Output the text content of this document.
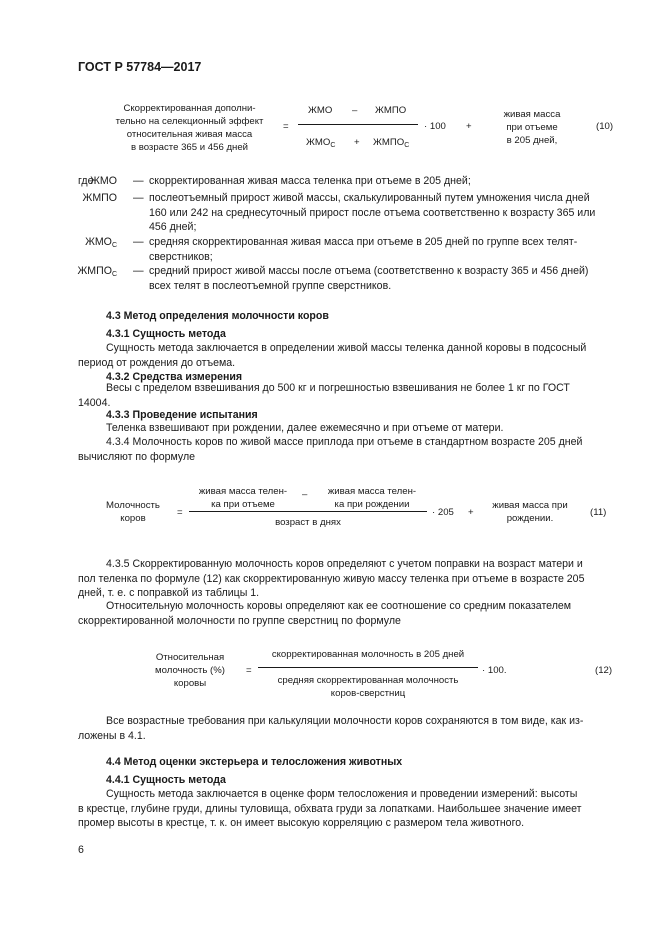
ГОСТ Р 57784—2017
Скорректированная дополни-
тельно на селекционный эффект
относительная живая масса
в возрасте 365 и 456 дней
=
ЖМО – ЖМПО
$ЖМО_С$ + $ЖМПО_С$
· 100 +
живая масса
при отъеме
в 205 дней,
(10)
где
ЖМО — скорректированная живая масса теленка при отъеме в 205 дней;
ЖМПО — послеотъемный прирост живой массы, скалькулированный путем умножения числа дней
160 или 242 на среднесуточный прирост после отъема соответственно к возрасту 365 или
456 дней;
$ЖМО_С$ — средняя скорректированная живая масса при отъеме в 205 дней по группе всех телят-
сверстников;
$ЖМПО_С$ — средний прирост живой массы после отъема (соответственно к возрасту 365 и 456 дней)
всех телят в послеотъемной группе сверстников.
4.3 Метод определения молочности коров
4.3.1 Сущность метода
Сущность метода заключается в определении живой массы теленка данной коровы в подсосный
период от рождения до отъема.
4.3.2 Средства измерения
Весы с пределом взвешивания до 500 кг и погрешностью взвешивания не более 1 кг по ГОСТ
14004.
4.3.3 Проведение испытания
Теленка взвешивают при рождении, далее ежемесячно и при отъеме от матери.
4.3.4 Молочность коров по живой массе приплода при отъеме в стандартном возрасте 205 дней
вычисляют по формуле
Молочность
коров
=
живая масса телен-
ка при отъеме
–	живая масса телен-
ка при рождении
возраст в днях
· 205 +
живая масса при
рождении.
(11)
4.3.5 Скорректированную молочность коров определяют с учетом поправки на возраст матери и
пол теленка по формуле (12) как скорректированную живую массу теленка при отъеме в возрасте 205
дней, т. е. с поправкой из таблицы 1.
Относительную молочность коровы определяют как ее соотношение со средним показателем
скорректированной молочности по группе сверстниц по формуле
Относительная
молочность (%)
коровы
=
скорректированная молочность в 205 дней
средняя скорректированная молочность
коров-сверстниц
· 100.	(12)
Все возрастные требования при калькуляции молочности коров сохраняются в том виде, как из-
ложены в 4.1.
4.4 Метод оценки экстерьера и телосложения животных
4.4.1 Сущность метода
Сущность метода заключается в оценке форм телосложения и проведении измерений: высоты
в крестце, глубине груди, длины туловища, обхвата груди за лопатками. Наибольшее значение имеет
промер высоты в крестце, т. к. он имеет высокую корреляцию с размером тела животного.
6
